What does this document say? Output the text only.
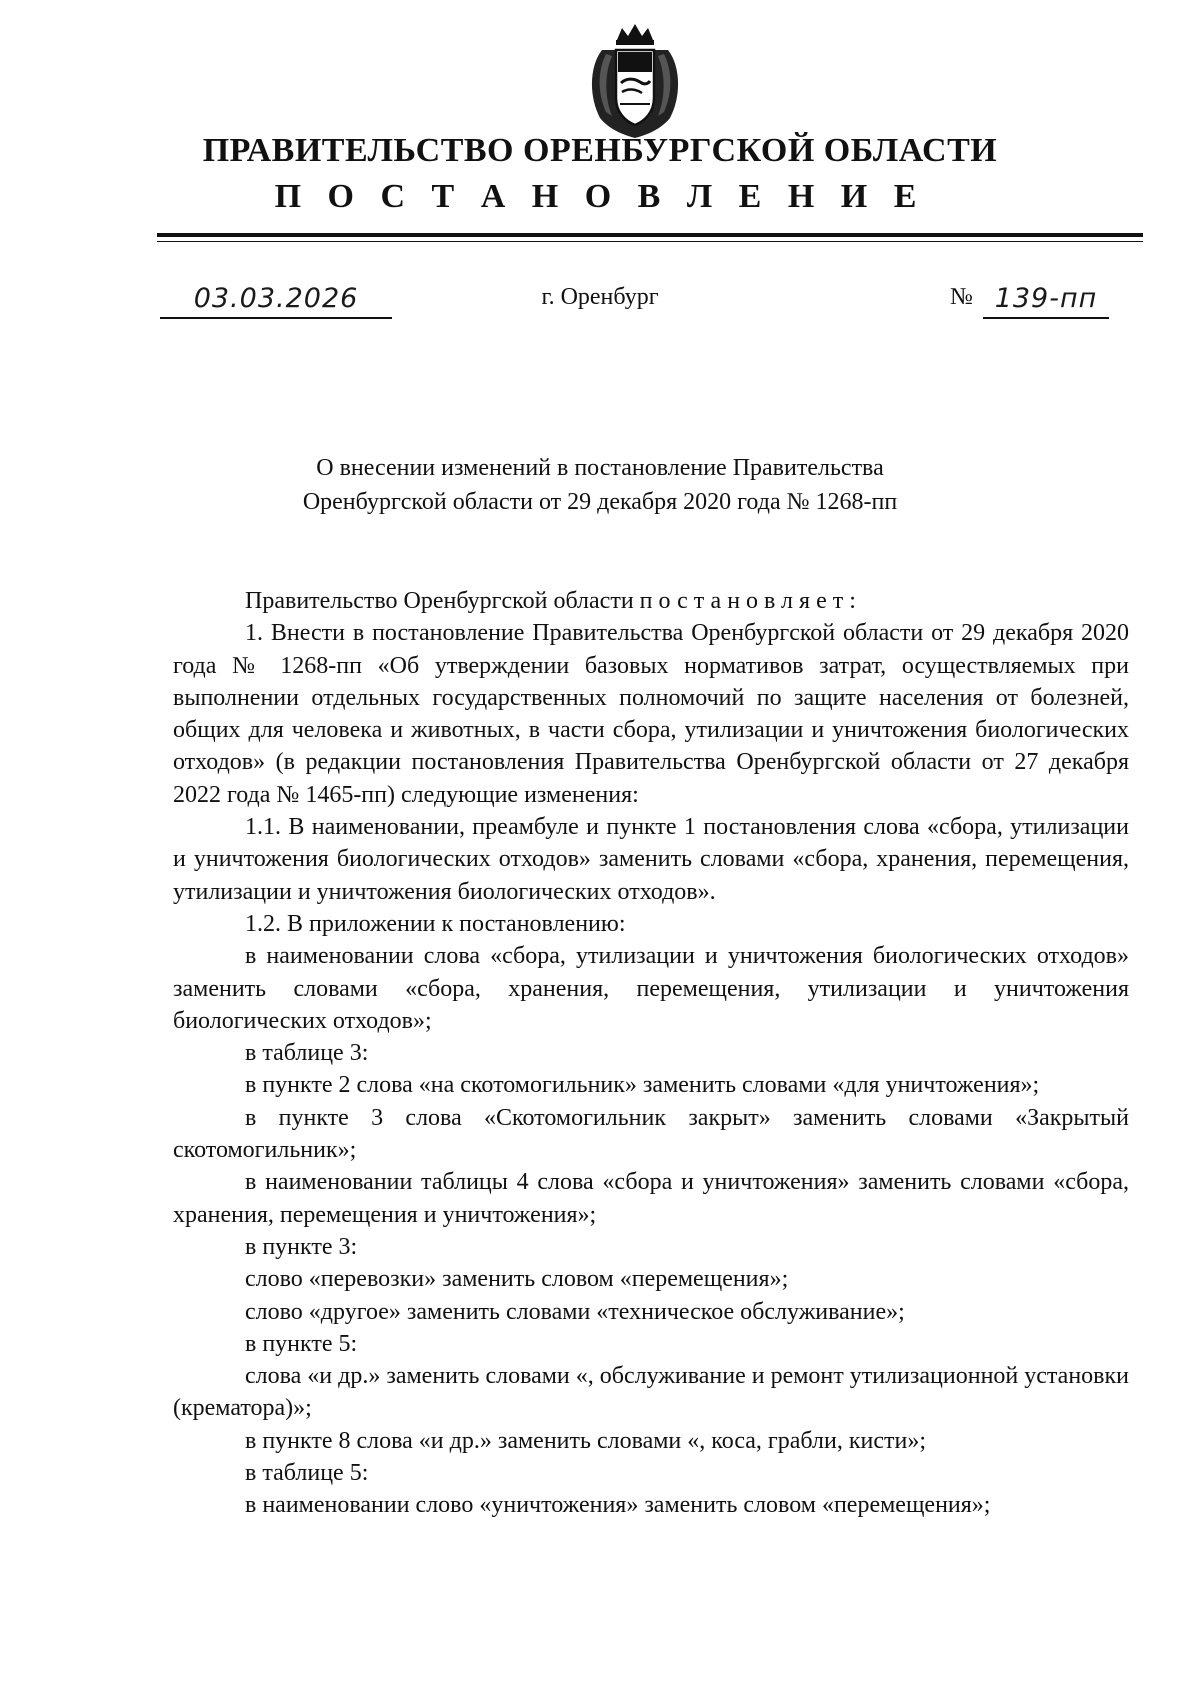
ПРАВИТЕЛЬСТВО ОРЕНБУРГСКОЙ ОБЛАСТИ
П О С Т А Н О В Л Е Н И Е
03.03.2026	г. Оренбург	№ 139-пп
О внесении изменений в постановление Правительства
Оренбургской области от 29 декабря 2020 года № 1268-пп

Правительство Оренбургской области постановляет:

1. Внести в постановление Правительства Оренбургской области от 29 декабря 2020 года № 1268-пп «Об утверждении базовых нормативов затрат, осуществляемых при выполнении отдельных государственных полномочий по защите населения от болезней, общих для человека и животных, в части сбора, утилизации и уничтожения биологических отходов» (в редакции постановления Правительства Оренбургской области от 27 декабря 2022 года № 1465-пп) следующие изменения:

1.1. В наименовании, преамбуле и пункте 1 постановления слова «сбора, утилизации и уничтожения биологических отходов» заменить словами «сбора, хранения, перемещения, утилизации и уничтожения биологических отходов».

1.2. В приложении к постановлению:

в наименовании слова «сбора, утилизации и уничтожения биологических отходов» заменить словами «сбора, хранения, перемещения, утилизации и уничтожения биологических отходов»;

в таблице 3:

в пункте 2 слова «на скотомогильник» заменить словами «для уничтожения»;

в пункте 3 слова «Скотомогильник закрыт» заменить словами «Закрытый скотомогильник»;

в наименовании таблицы 4 слова «сбора и уничтожения» заменить словами «сбора, хранения, перемещения и уничтожения»;

в пункте 3:

слово «перевозки» заменить словом «перемещения»;

слово «другое» заменить словами «техническое обслуживание»;

в пункте 5:

слова «и др.» заменить словами «, обслуживание и ремонт утилизационной установки (крематора)»;

в пункте 8 слова «и др.» заменить словами «, коса, грабли, кисти»;

в таблице 5:

в наименовании слово «уничтожения» заменить словом «перемещения»;
